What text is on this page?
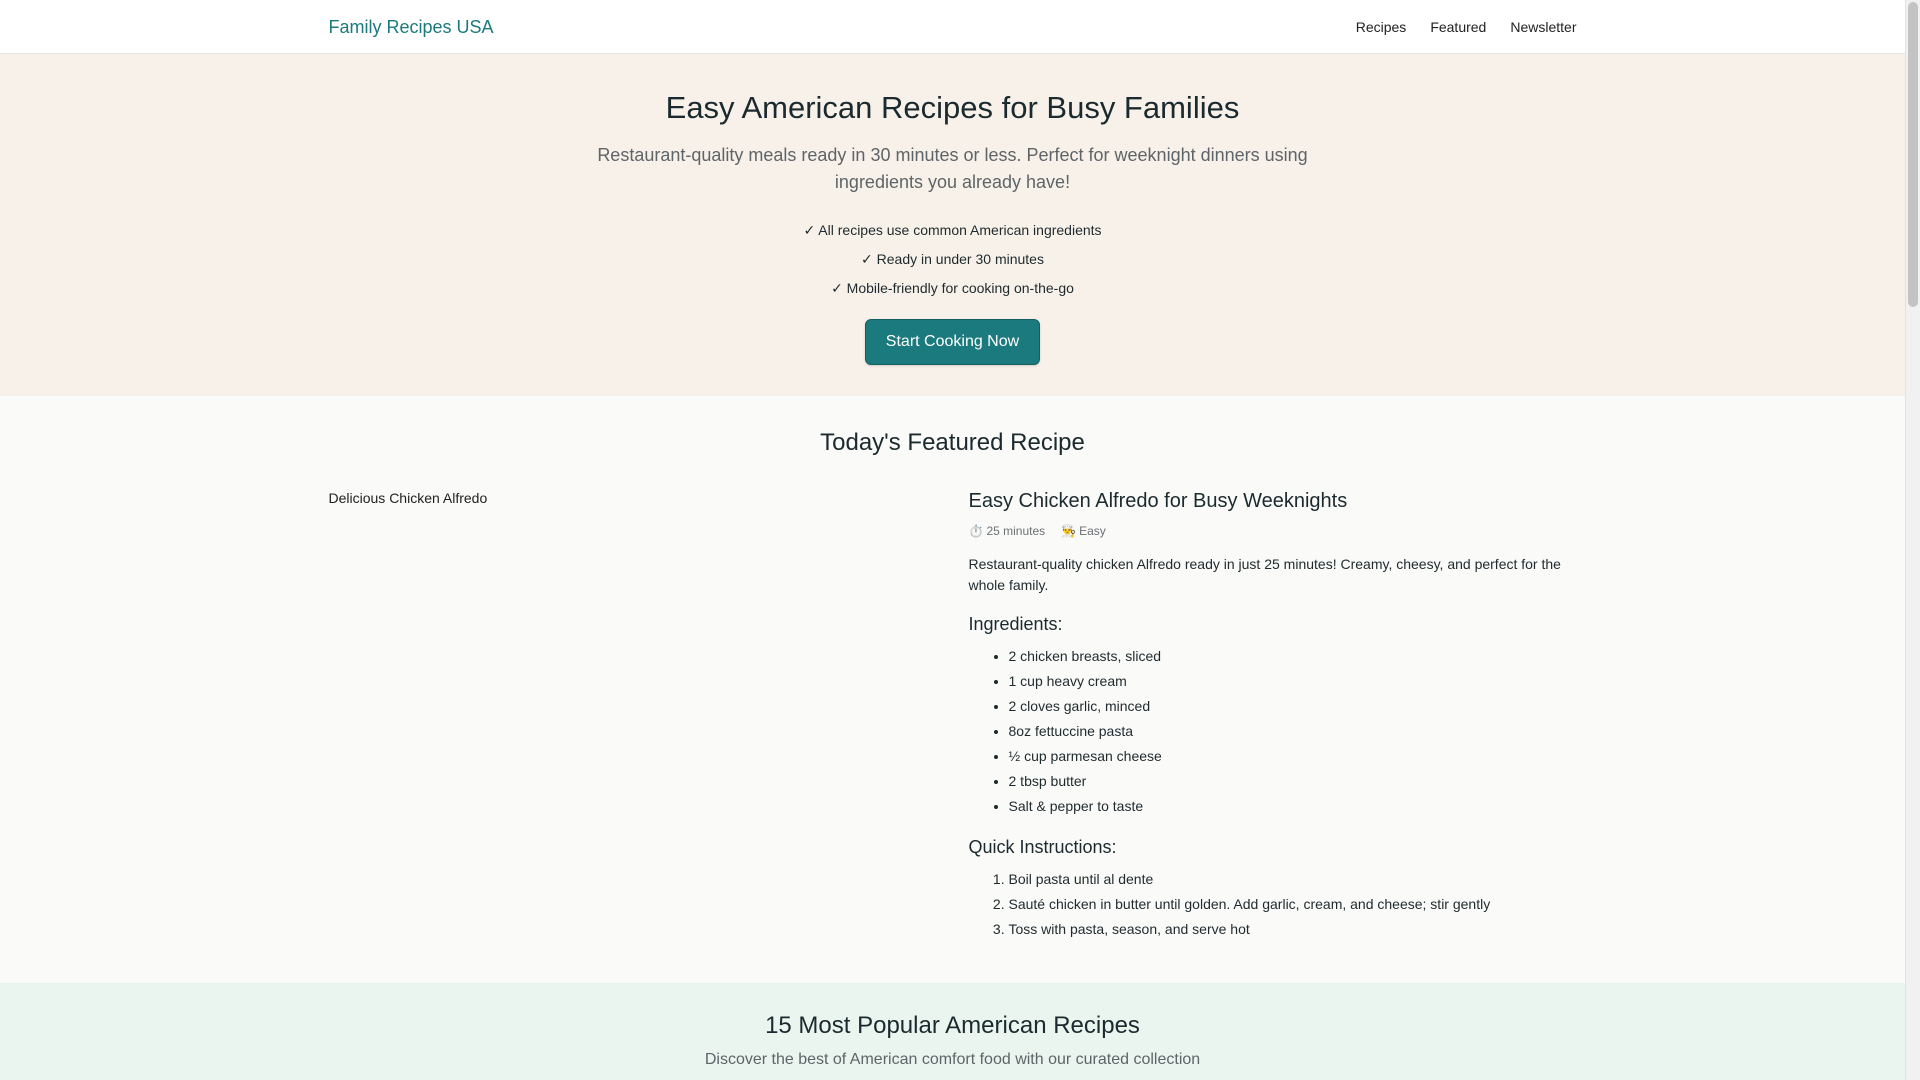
Family Recipes USA	Recipes Featured Newsletter
Easy American Recipes for Busy Families

Restaurant-quality meals ready in 30 minutes or less. Perfect for weeknight dinners using ingredients you already have!

✓ All recipes use common American ingredients
✓ Ready in under 30 minutes
✓ Mobile-friendly for cooking on-the-go
Start Cooking Now
Today's Featured Recipe
Delicious Chicken Alfredo	Easy Chicken Alfredo for Busy Weeknights
⏱️ 25 minutes 👨‍🍳 Easy

Restaurant-quality chicken Alfredo ready in just 25 minutes! Creamy, cheesy, and perfect for the whole family.

Ingredients:
• 2 chicken breasts, sliced
• 1 cup heavy cream
• 2 cloves garlic, minced
• 8oz fettuccine pasta
• ½ cup parmesan cheese
• 2 tbsp butter
• Salt & pepper to taste
Quick Instructions:
1. Boil pasta until al dente
2. Sauté chicken in butter until golden. Add garlic, cream, and cheese; stir gently
3. Toss with pasta, season, and serve hot
15 Most Popular American Recipes
Discover the best of American comfort food with our curated collection
